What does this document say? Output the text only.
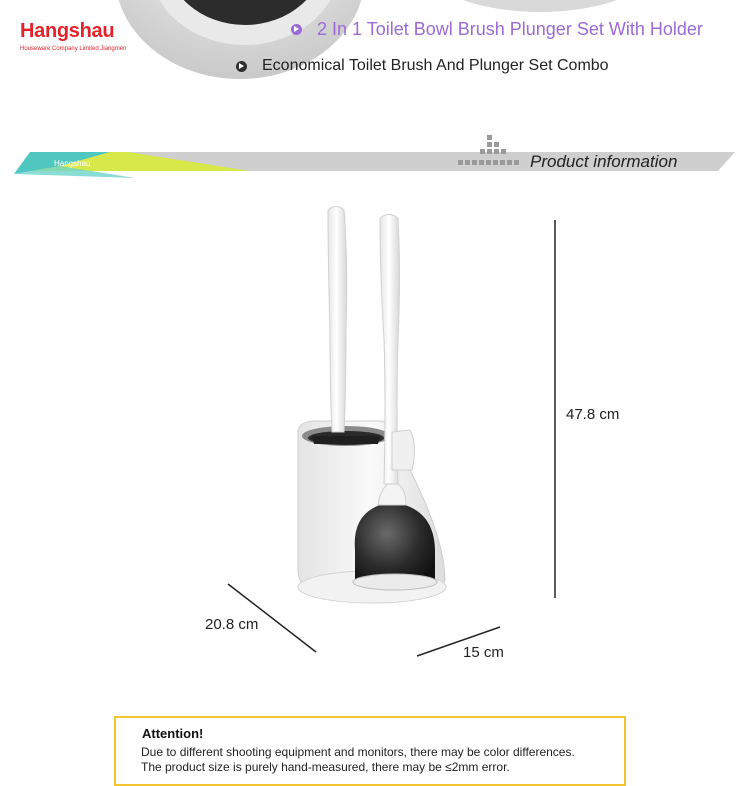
Hangshau
Houseware Company Limited Jiangmen
2 In 1 Toilet Bowl Brush Plunger Set With Holder
Economical Toilet Brush And Plunger Set Combo
Hangshau	Product information
47.8 cm
20.8 cm
15 cm
Attention!
Due to different shooting equipment and monitors, there may be color differences.
The product size is purely hand-measured, there may be ≤2mm error.
